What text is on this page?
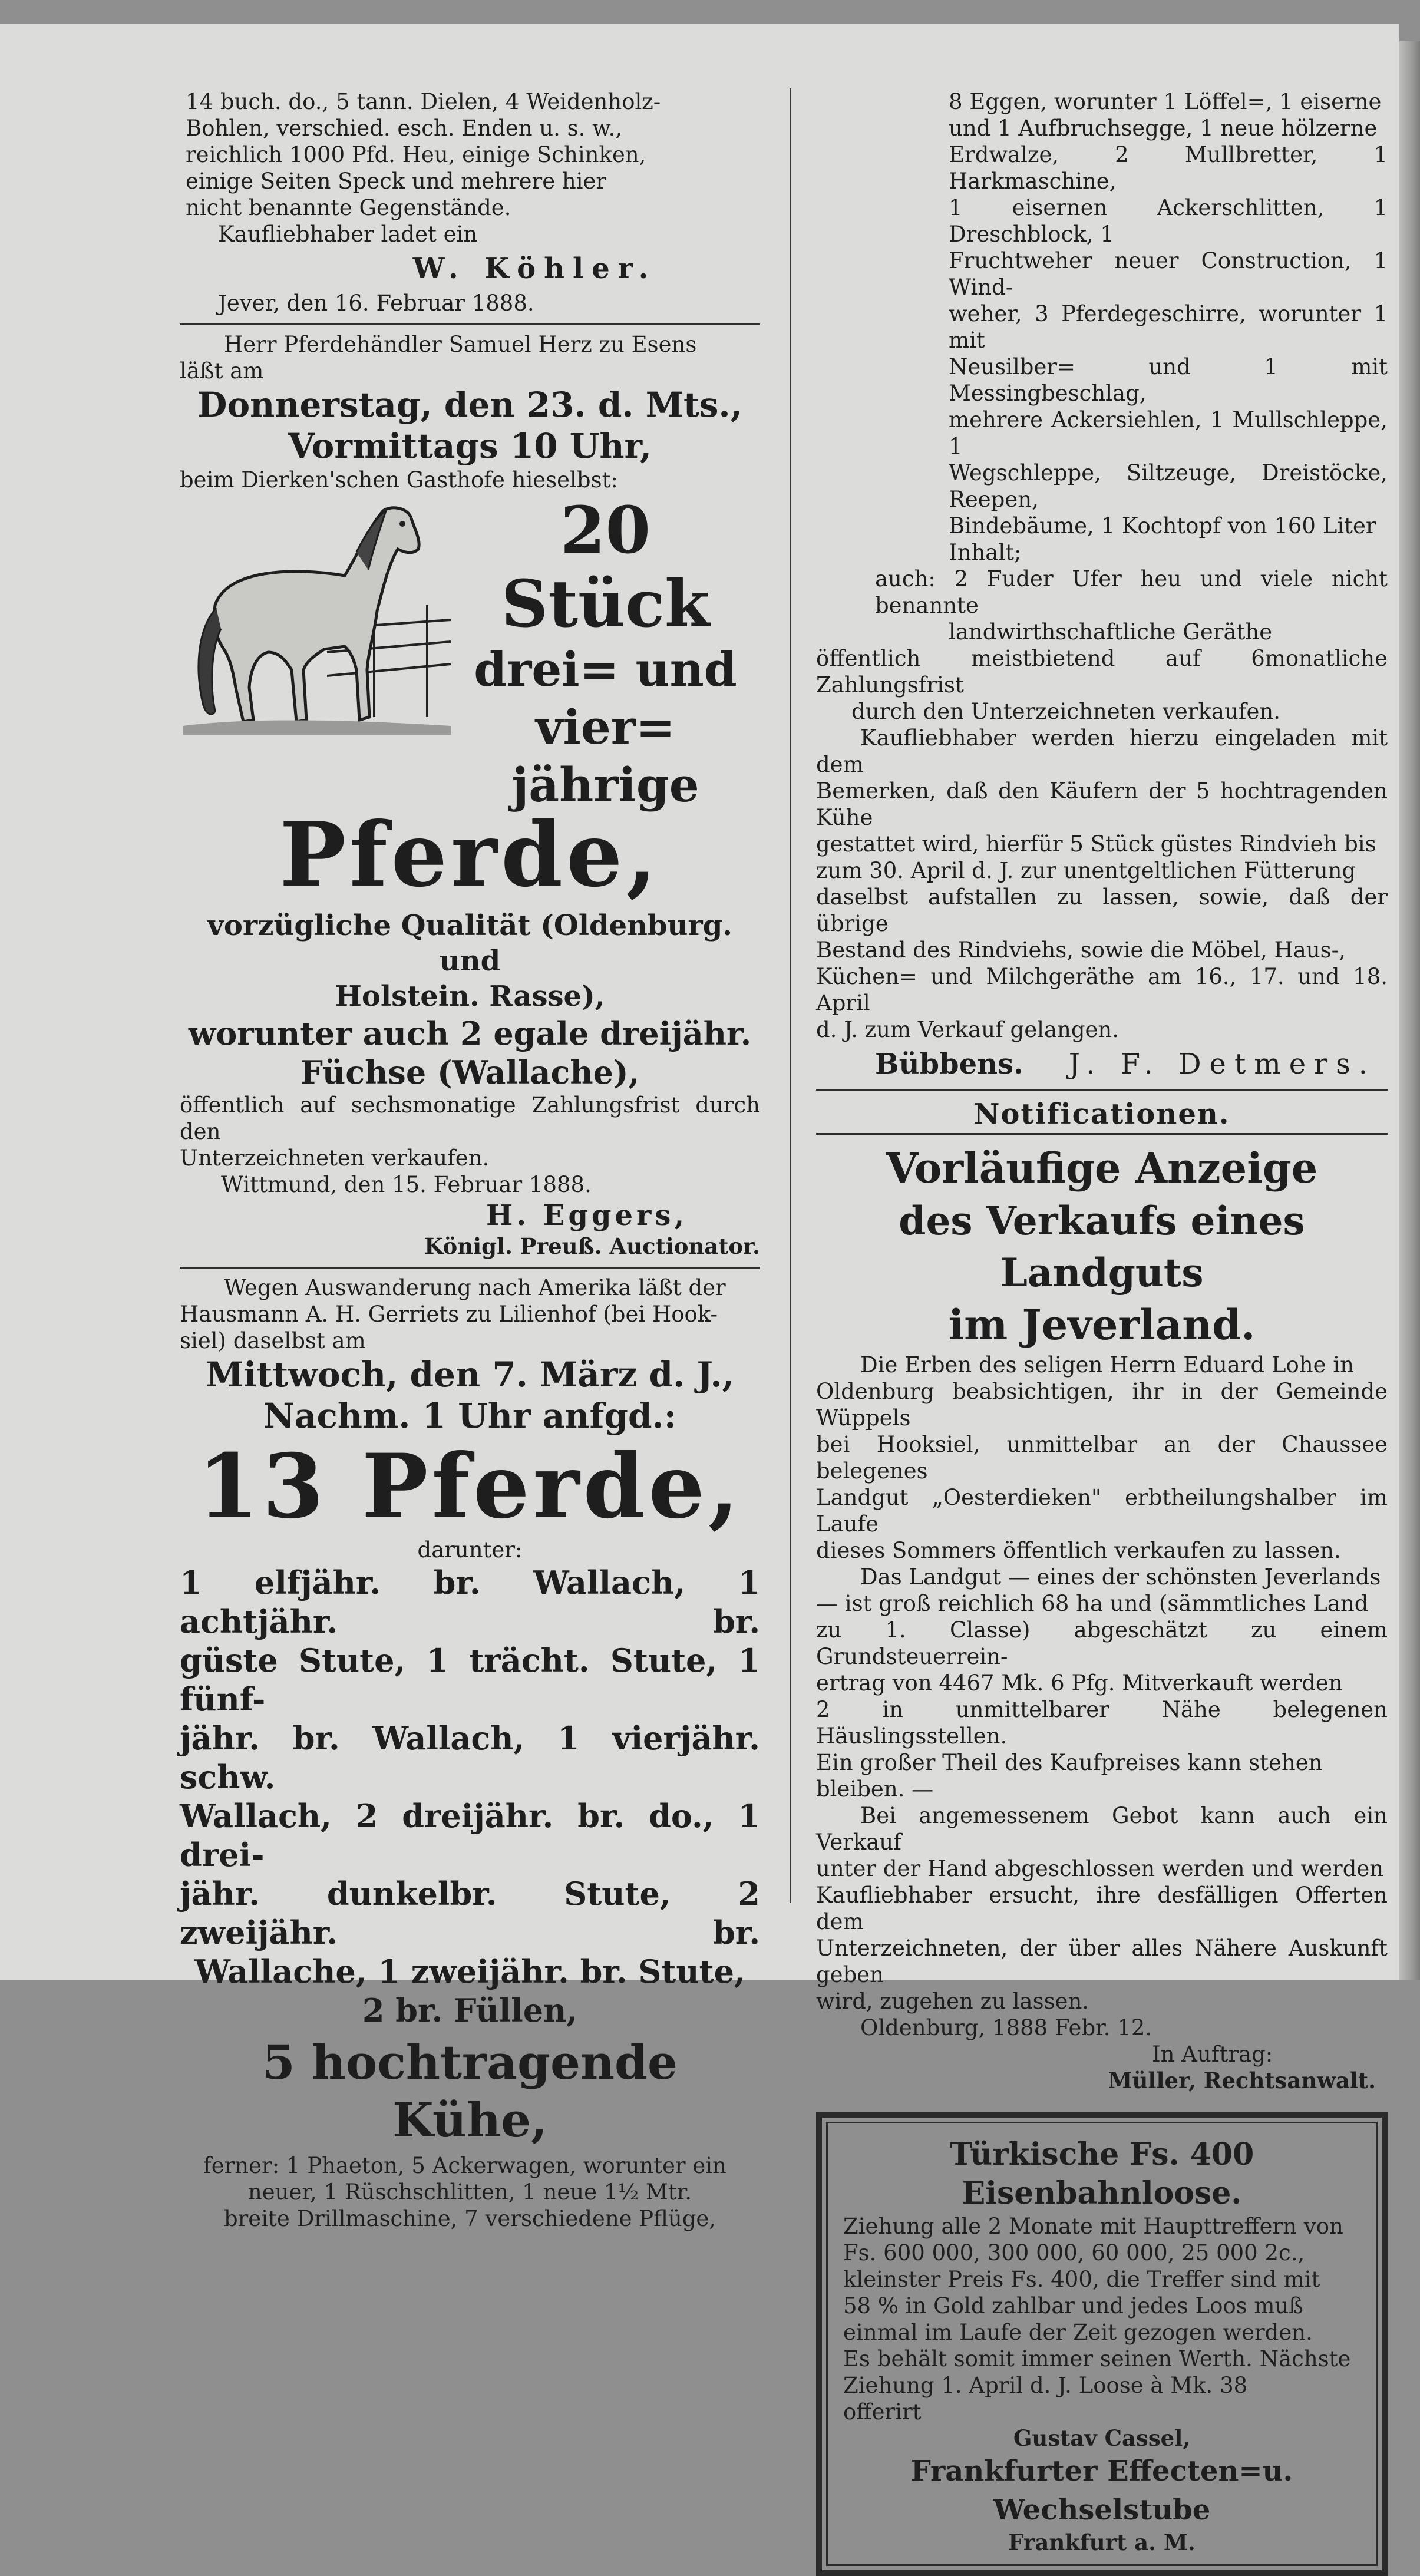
14 buch. do., 5 tann. Dielen, 4 Weidenholz-

Bohlen, verschied. esch. Enden u. s. w.,

reichlich 1000 Pfd. Heu, einige Schinken,

einige Seiten Speck und mehrere hier

nicht benannte Gegenstände.

Kaufliebhaber ladet ein

W. Köhler.

Jever, den 16. Februar 1888.

Herr Pferdehändler Samuel Herz zu Esens

läßt am

Donnerstag, den 23. d. Mts.,

Vormittags 10 Uhr,

beim Dierken'schen Gasthofe hieselbst:

20 Stück

drei= und vier=

jährige

Pferde,

vorzügliche Qualität (Oldenburg. und

Holstein. Rasse),

worunter auch 2 egale dreijähr.

Füchse (Wallache),

öffentlich auf sechsmonatige Zahlungsfrist durch den

Unterzeichneten verkaufen.

Wittmund, den 15. Februar 1888.

H. Eggers,

Königl. Preuß. Auctionator.

Wegen Auswanderung nach Amerika läßt der

Hausmann A. H. Gerriets zu Lilienhof (bei Hook-

siel) daselbst am

Mittwoch, den 7. März d. J.,

Nachm. 1 Uhr anfgd.:

13 Pferde,

darunter:

1 elfjähr. br. Wallach, 1 achtjähr. br.

güste Stute, 1 trächt. Stute, 1 fünf-

jähr. br. Wallach, 1 vierjähr. schw.

Wallach, 2 dreijähr. br. do., 1 drei-

jähr. dunkelbr. Stute, 2 zweijähr. br.

Wallache, 1 zweijähr. br. Stute,

2 br. Füllen,

5 hochtragende Kühe,

ferner: 1 Phaeton, 5 Ackerwagen, worunter ein

neuer, 1 Rüschschlitten, 1 neue 1½ Mtr.

breite Drillmaschine, 7 verschiedene Pflüge,

8 Eggen, worunter 1 Löffel=, 1 eiserne

und 1 Aufbruchsegge, 1 neue hölzerne

Erdwalze, 2 Mullbretter, 1 Harkmaschine,

1 eisernen Ackerschlitten, 1 Dreschblock, 1

Fruchtweher neuer Construction, 1 Wind-

weher, 3 Pferdegeschirre, worunter 1 mit

Neusilber= und 1 mit Messingbeschlag,

mehrere Ackersiehlen, 1 Mullschleppe, 1

Wegschleppe, Siltzeuge, Dreistöcke, Reepen,

Bindebäume, 1 Kochtopf von 160 Liter

Inhalt;

auch: 2 Fuder Ufer heu und viele nicht benannte

landwirthschaftliche Geräthe

öffentlich meistbietend auf 6monatliche Zahlungsfrist

durch den Unterzeichneten verkaufen.

Kaufliebhaber werden hierzu eingeladen mit dem

Bemerken, daß den Käufern der 5 hochtragenden Kühe

gestattet wird, hierfür 5 Stück güstes Rindvieh bis

zum 30. April d. J. zur unentgeltlichen Fütterung

daselbst aufstallen zu lassen, sowie, daß der übrige

Bestand des Rindviehs, sowie die Möbel, Haus-,

Küchen= und Milchgeräthe am 16., 17. und 18. April

d. J. zum Verkauf gelangen.

Bübbens. J. F. Detmers.

Notificationen.

Vorläufige Anzeige

des Verkaufs eines Landguts

im Jeverland.

Die Erben des seligen Herrn Eduard Lohe in

Oldenburg beabsichtigen, ihr in der Gemeinde Wüppels

bei Hooksiel, unmittelbar an der Chaussee belegenes

Landgut „Oesterdieken" erbtheilungshalber im Laufe

dieses Sommers öffentlich verkaufen zu lassen.

Das Landgut — eines der schönsten Jeverlands

— ist groß reichlich 68 ha und (sämmtliches Land

zu 1. Classe) abgeschätzt zu einem Grundsteuerrein-

ertrag von 4467 Mk. 6 Pfg. Mitverkauft werden

2 in unmittelbarer Nähe belegenen Häuslingsstellen.

Ein großer Theil des Kaufpreises kann stehen

bleiben. —

Bei angemessenem Gebot kann auch ein Verkauf

unter der Hand abgeschlossen werden und werden

Kaufliebhaber ersucht, ihre desfälligen Offerten dem

Unterzeichneten, der über alles Nähere Auskunft geben

wird, zugehen zu lassen.

Oldenburg, 1888 Febr. 12.

In Auftrag:

Müller, Rechtsanwalt.

Türkische Fs. 400 Eisenbahnloose.

Ziehung alle 2 Monate mit Haupttreffern von

Fs. 600 000, 300 000, 60 000, 25 000 2c.,

kleinster Preis Fs. 400, die Treffer sind mit

58 % in Gold zahlbar und jedes Loos muß

einmal im Laufe der Zeit gezogen werden.

Es behält somit immer seinen Werth. Nächste

Ziehung 1. April d. J. Loose à Mk. 38

offerirt

Gustav Cassel,

Frankfurter Effecten=u. Wechselstube

Frankfurt a. M.
